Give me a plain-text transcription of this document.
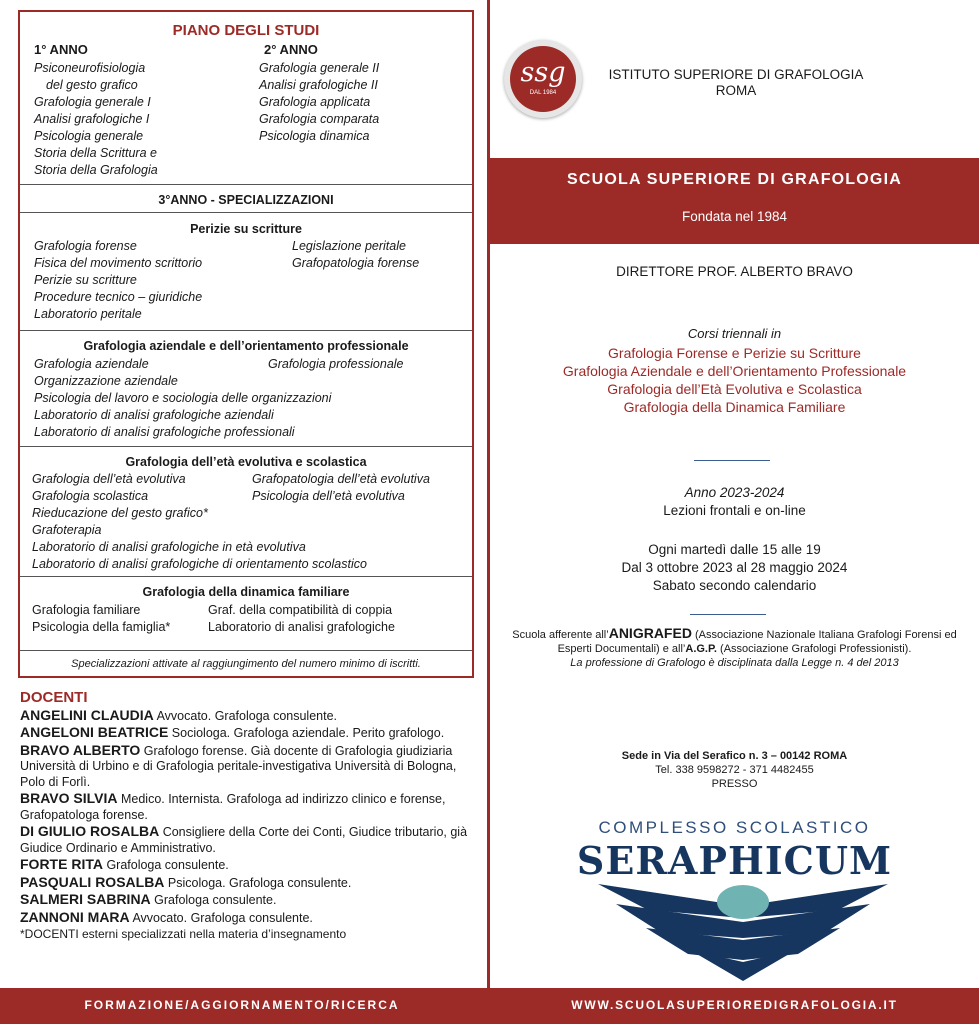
PIANO DEGLI STUDI
1° ANNO	2° ANNO
Psiconeurofisiologia
del gesto grafico
Grafologia generale I
Analisi grafologiche I
Psicologia generale
Storia della Scrittura e
Storia della Grafologia
Grafologia generale II
Analisi grafologiche II
Grafologia applicata
Grafologia comparata
Psicologia dinamica
3°ANNO - SPECIALIZZAZIONI
Perizie su scritture
Grafologia forense
Fisica del movimento scrittorio
Perizie su scritture
Procedure tecnico – giuridiche
Laboratorio peritale
Legislazione peritale
Grafopatologia forense
Grafologia aziendale e dell’orientamento professionale
Grafologia aziendale
Organizzazione aziendale
Psicologia del lavoro e sociologia delle organizzazioni
Laboratorio di analisi grafologiche aziendali
Laboratorio di analisi grafologiche professionali
Grafologia professionale
Grafologia dell’età evolutiva e scolastica
Grafologia dell’età evolutiva
Grafologia scolastica
Rieducazione del gesto grafico*
Grafoterapia
Laboratorio di analisi grafologiche in età evolutiva
Laboratorio di analisi grafologiche di orientamento scolastico
Grafopatologia dell’età evolutiva
Psicologia dell’età evolutiva
Grafologia della dinamica familiare
Grafologia familiare
Psicologia della famiglia*
Graf. della compatibilità di coppia
Laboratorio di analisi grafologiche
Specializzazioni attivate al raggiungimento del numero minimo di iscritti.
DOCENTI
ANGELINI CLAUDIA Avvocato. Grafologa consulente.
ANGELONI BEATRICE Sociologa. Grafologa aziendale. Perito grafologo.
BRAVO ALBERTO Grafologo forense. Già docente di Grafologia giudiziaria Università di Urbino e di Grafologia peritale-investigativa Università di Bologna, Polo di Forlì.
BRAVO SILVIA Medico. Internista. Grafologa ad indirizzo clinico e forense, Grafopatologa forense.
DI GIULIO ROSALBA Consigliere della Corte dei Conti, Giudice tributario, già Giudice Ordinario e Amministrativo.
FORTE RITA Grafologa consulente.
PASQUALI ROSALBA Psicologa. Grafologa consulente.
SALMERI SABRINA Grafologa consulente.
ZANNONI MARA Avvocato. Grafologa consulente.
*DOCENTI esterni specializzati nella materia d’insegnamento
ssg
DAL 1984
ISTITUTO SUPERIORE DI GRAFOLOGIA
ROMA
SCUOLA SUPERIORE DI GRAFOLOGIA
Fondata nel 1984
DIRETTORE PROF. ALBERTO BRAVO
Corsi triennali in
Grafologia Forense e Perizie su Scritture
Grafologia Aziendale e dell’Orientamento Professionale
Grafologia dell’Età Evolutiva e Scolastica
Grafologia della Dinamica Familiare
Anno 2023-2024
Lezioni frontali e on-line
Ogni martedì dalle 15 alle 19
Dal 3 ottobre 2023 al 28 maggio 2024
Sabato secondo calendario
Scuola afferente all’ANIGRAFED (Associazione Nazionale Italiana Grafologi Forensi ed Esperti Documentali) e all’A.G.P. (Associazione Grafologi Professionisti).
La professione di Grafologo è disciplinata dalla Legge n. 4 del 2013
Sede in Via del Serafico n. 3 – 00142 ROMA
Tel. 338 9598272 - 371 4482455
PRESSO
COMPLESSO SCOLASTICO
SERAPHICUM
FORMAZIONE/AGGIORNAMENTO/RICERCA	WWW.SCUOLASUPERIOREDIGRAFOLOGIA.IT
